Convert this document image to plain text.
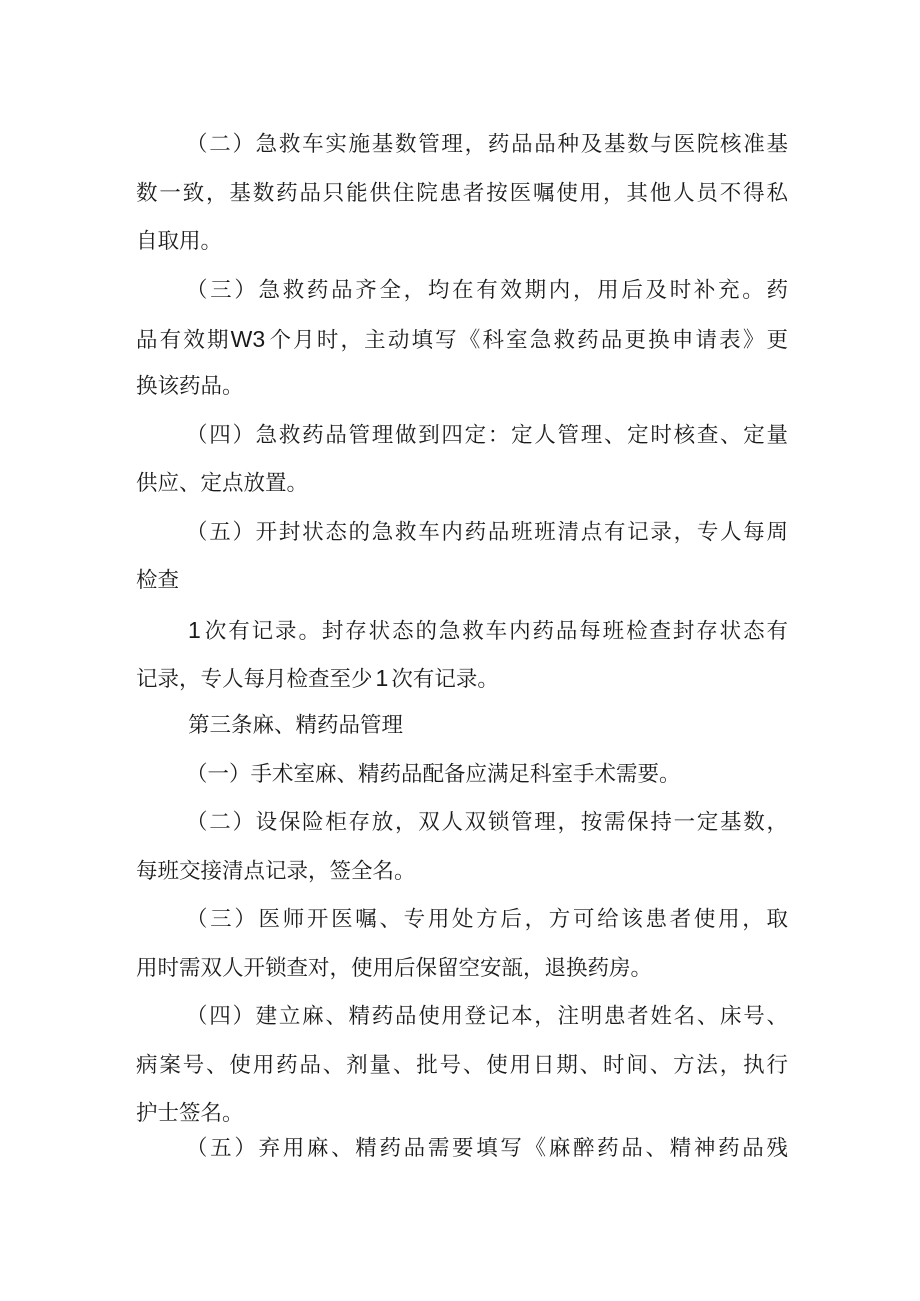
（二）急救车实施基数管理，药品品种及基数与医院核准基
数一致，基数药品只能供住院患者按医嘱使用，其他人员不得私
自取用。
（三）急救药品齐全，均在有效期内，用后及时补充。药
品有效期W3  个月时，主动填写《科室急救药品更换申请表》更
换该药品。
（四）急救药品管理做到四定：定人管理、定时核查、定量
供应、定点放置。
（五）开封状态的急救车内药品班班清点有记录，专人每周
检查
1  次有记录。封存状态的急救车内药品每班检查封存状态有
记录，专人每月检查至少 1 次有记录。
第三条麻、精药品管理
（一）手术室麻、精药品配备应满足科室手术需要。
（二）设保险柜存放，双人双锁管理，按需保持一定基数，
每班交接清点记录，签全名。
（三）医师开医嘱、专用处方后，方可给该患者使用，取
用时需双人开锁查对，使用后保留空安瓿，退换药房。
（四）建立麻、精药品使用登记本，注明患者姓名、床号、
病案号、使用药品、剂量、批号、使用日期、时间、方法，执行
护士签名。
（五）弃用麻、精药品需要填写《麻醉药品、精神药品残
